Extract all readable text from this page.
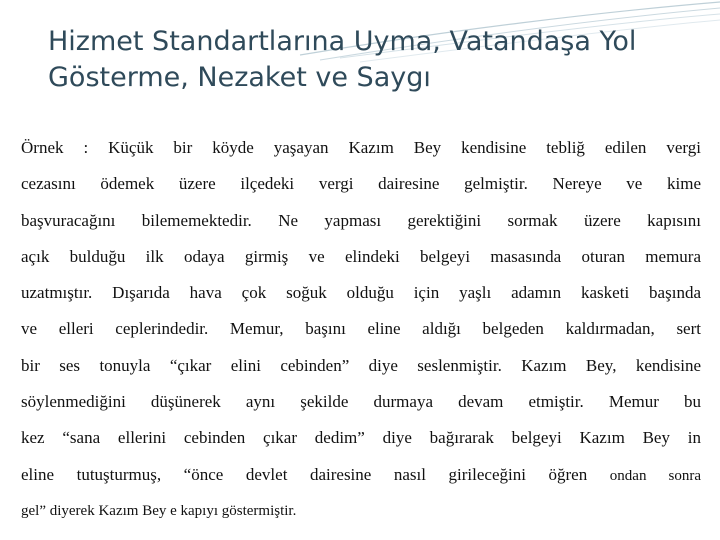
Hizmet Standartlarına Uyma, Vatandaşa Yol
Gösterme, Nezaket ve Saygı
Örnek : Küçük bir köyde yaşayan Kazım Bey kendisine tebliğ edilen vergi
cezasını ödemek üzere ilçedeki vergi dairesine gelmiştir. Nereye ve kime
başvuracağını bilememektedir. Ne yapması gerektiğini sormak üzere kapısını
açık bulduğu ilk odaya girmiş ve elindeki belgeyi masasında oturan memura
uzatmıştır. Dışarıda hava çok soğuk olduğu için yaşlı adamın kasketi başında
ve elleri ceplerindedir. Memur, başını eline aldığı belgeden kaldırmadan, sert
bir ses tonuyla “çıkar elini cebinden” diye seslenmiştir. Kazım Bey, kendisine
söylenmediğini düşünerek aynı şekilde durmaya devam etmiştir. Memur bu
kez “sana ellerini cebinden çıkar dedim” diye bağırarak belgeyi Kazım Bey in
eline tutuşturmuş, “önce devlet dairesine nasıl girileceğini öğren ondan sonra
gel” diyerek Kazım Bey e kapıyı göstermiştir.
